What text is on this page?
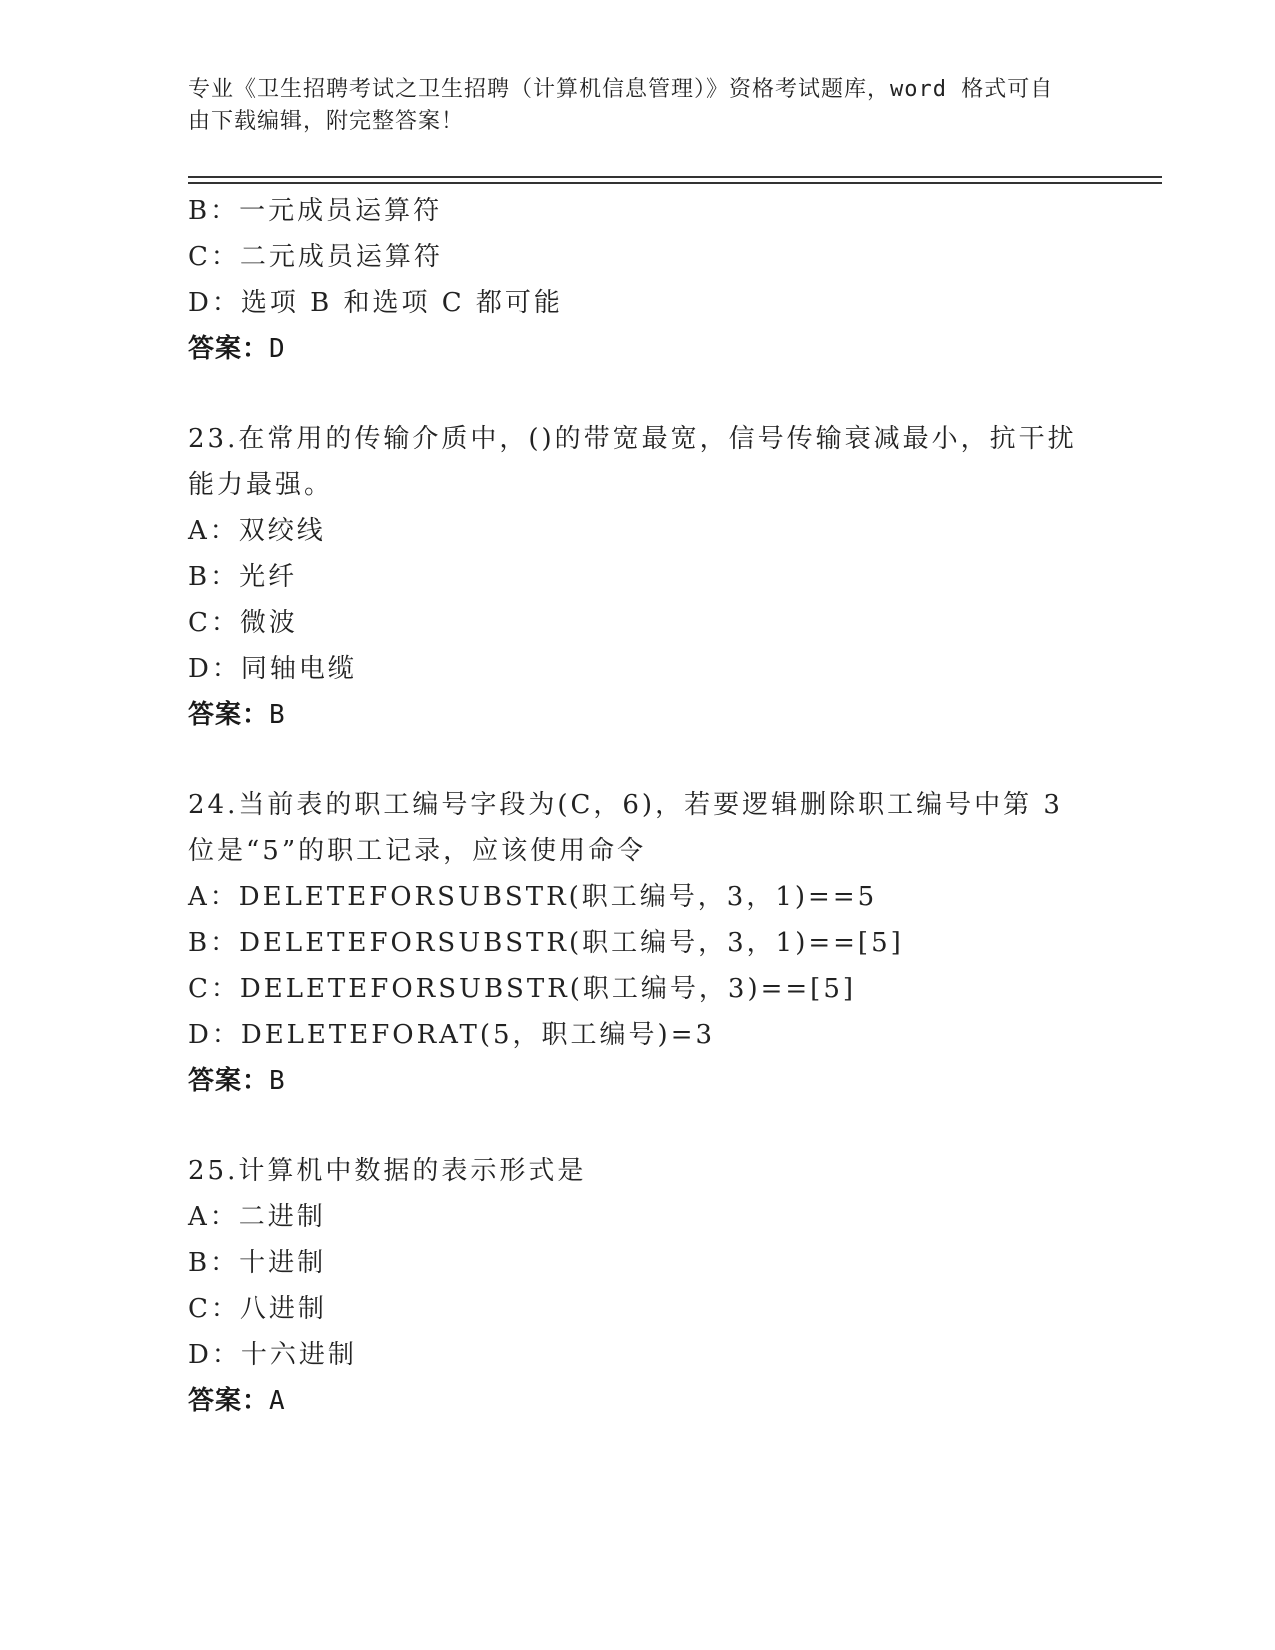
专业《卫生招聘考试之卫生招聘（计算机信息管理）》资格考试题库，word 格式可自由下载编辑，附完整答案！
B：一元成员运算符
C：二元成员运算符
D：选项 B 和选项 C 都可能
答案：D
23.在常用的传输介质中，()的带宽最宽，信号传输衰减最小，抗干扰能力最强。
A：双绞线
B：光纤
C：微波
D：同轴电缆
答案：B
24.当前表的职工编号字段为(C，6)，若要逻辑删除职工编号中第 3 位是“5”的职工记录，应该使用命令
A：DELETEFORSUBSTR(职工编号，3，1)==5
B：DELETEFORSUBSTR(职工编号，3，1)==[5]
C：DELETEFORSUBSTR(职工编号，3)==[5]
D：DELETEFORAT(5，职工编号)=3
答案：B
25.计算机中数据的表示形式是
A：二进制
B：十进制
C：八进制
D：十六进制
答案：A
